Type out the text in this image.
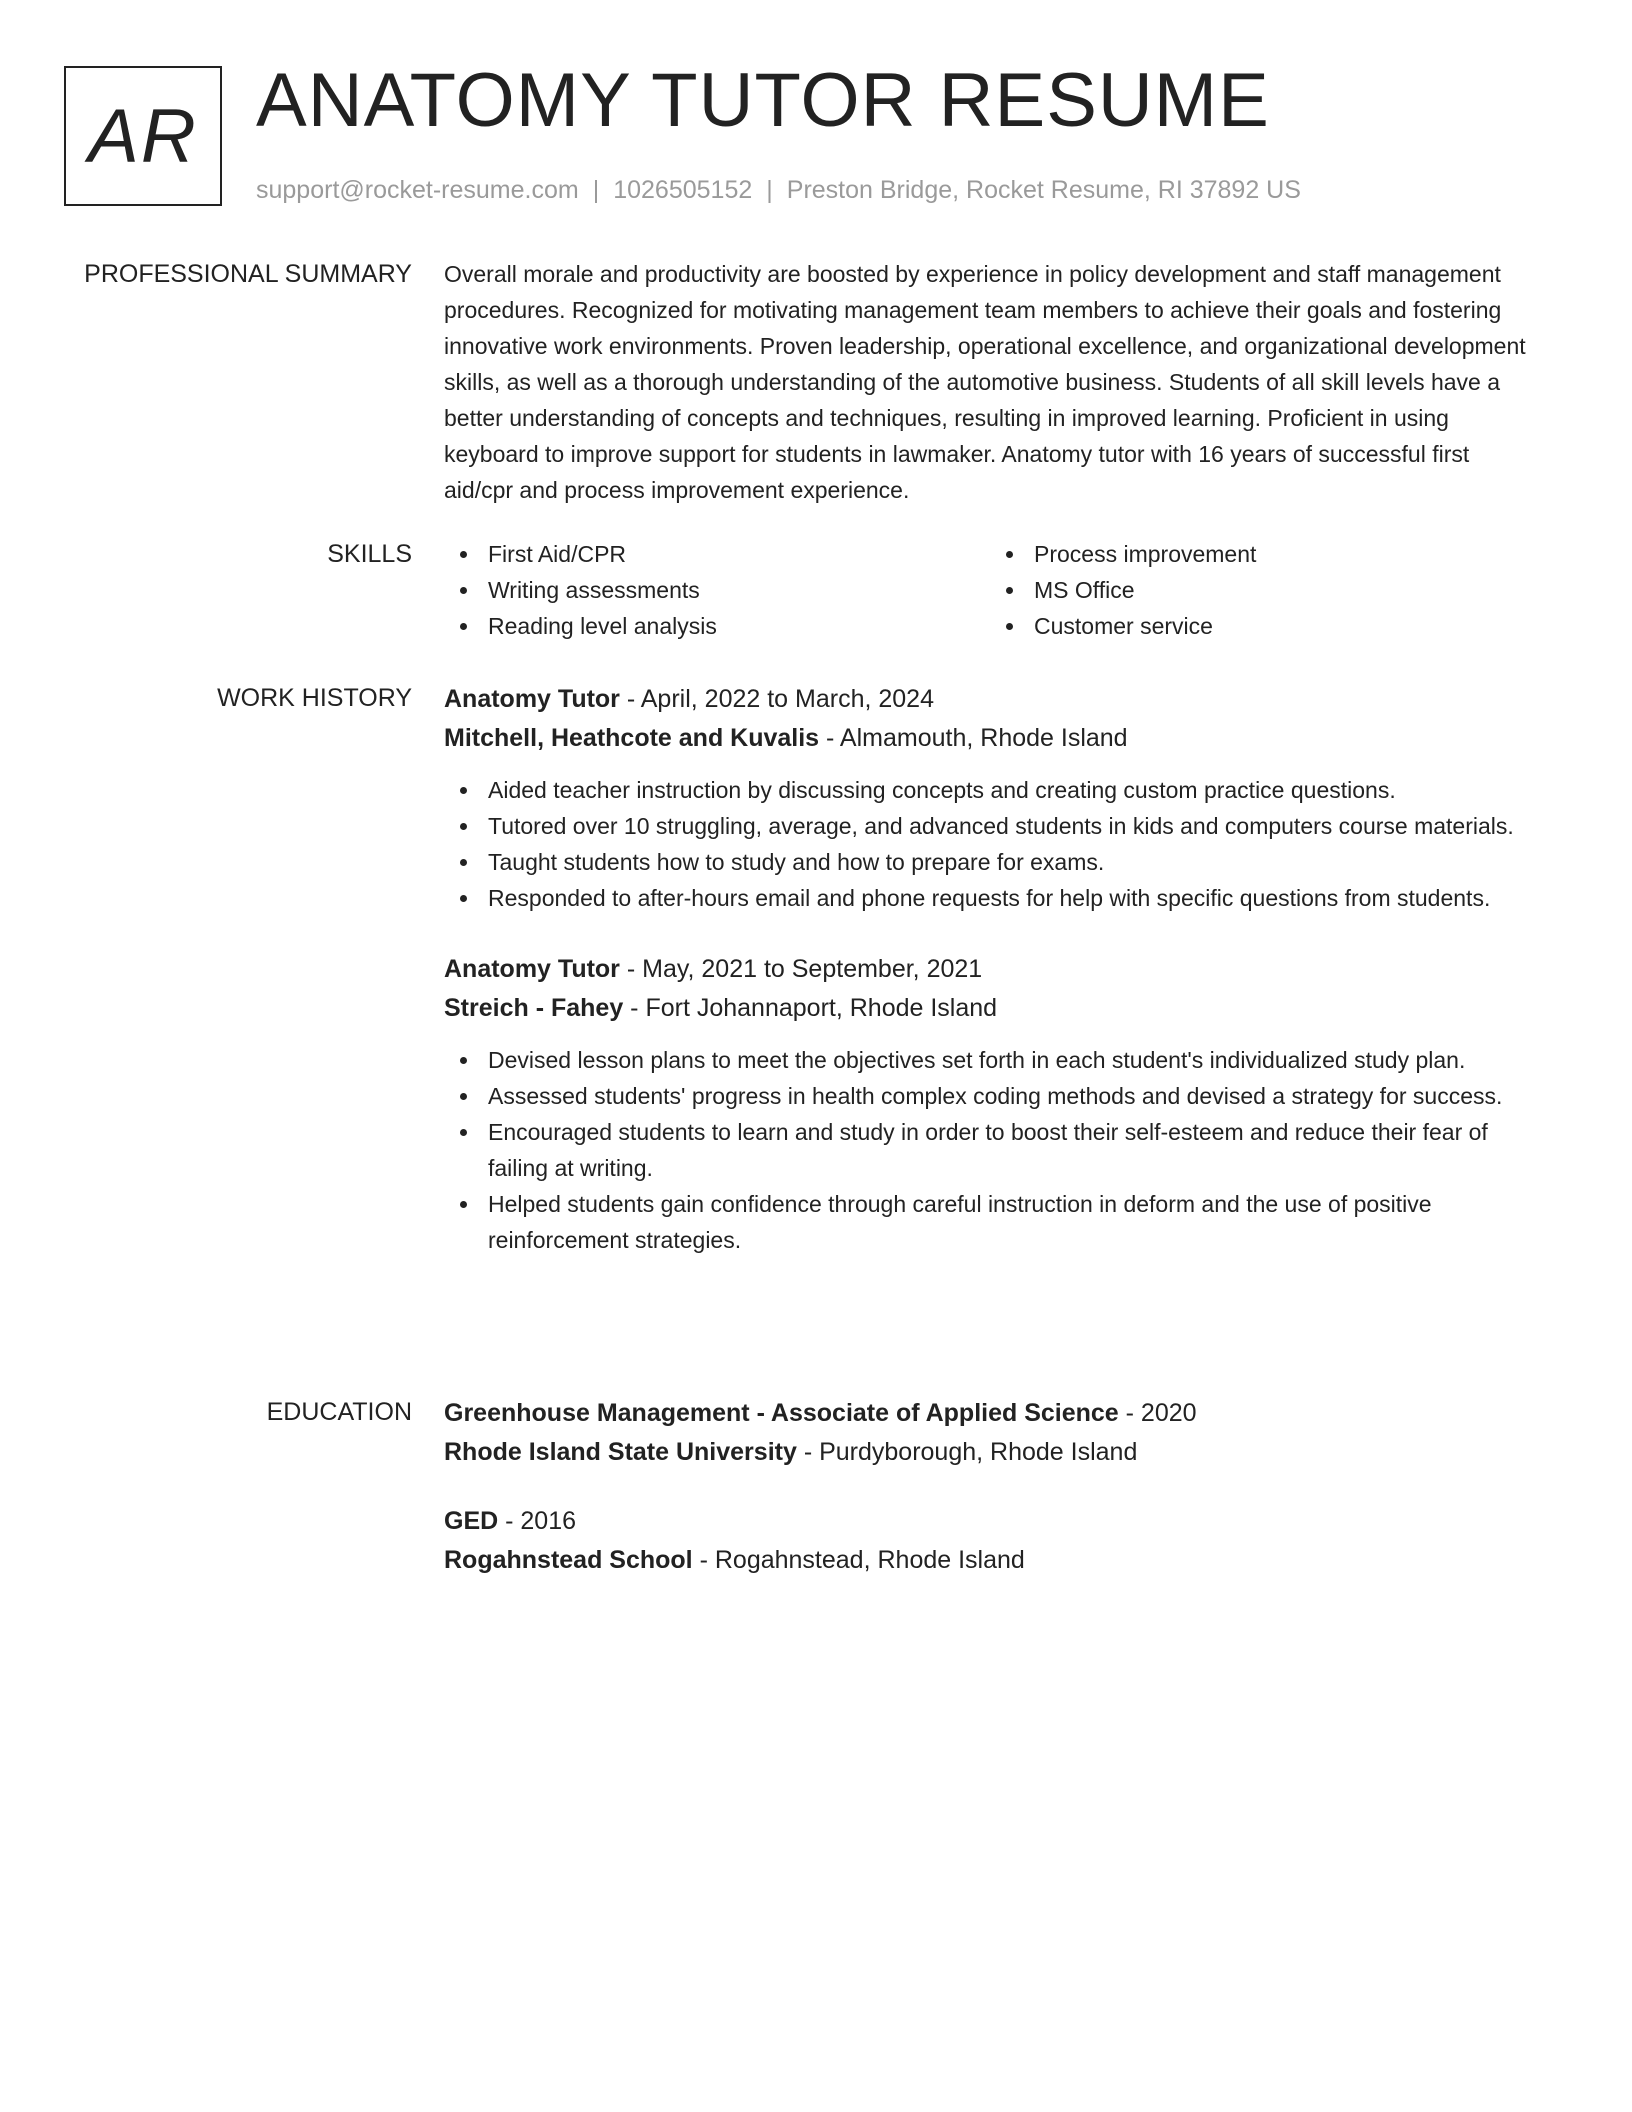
AR ANATOMY TUTOR RESUME
support@rocket-resume.com | 1026505152 | Preston Bridge, Rocket Resume, RI 37892 US
PROFESSIONAL SUMMARY Overall morale and productivity are boosted by experience in policy development and staff management procedures. Recognized for motivating management team members to achieve their goals and fostering innovative work environments. Proven leadership, operational excellence, and organizational development skills, as well as a thorough understanding of the automotive business. Students of all skill levels have a better understanding of concepts and techniques, resulting in improved learning. Proficient in using keyboard to improve support for students in lawmaker. Anatomy tutor with 16 years of successful first aid/cpr and process improvement experience.

SKILLS	First Aid/CPR	Process improvement
Writing assessments	MS Office
Reading level analysis	Customer service
WORK HISTORY Anatomy Tutor - April, 2022 to March, 2024
Mitchell, Heathcote and Kuvalis - Almamouth, Rhode Island
Aided teacher instruction by discussing concepts and creating custom practice questions.
Tutored over 10 struggling, average, and advanced students in kids and computers course materials.
Taught students how to study and how to prepare for exams.
Responded to after-hours email and phone requests for help with specific questions from students.
Anatomy Tutor - May, 2021 to September, 2021
Streich - Fahey - Fort Johannaport, Rhode Island
Devised lesson plans to meet the objectives set forth in each student's individualized study plan.
Assessed students' progress in health complex coding methods and devised a strategy for success.
Encouraged students to learn and study in order to boost their self-esteem and reduce their fear of failing at writing.
Helped students gain confidence through careful instruction in deform and the use of positive reinforcement strategies.
EDUCATION Greenhouse Management - Associate of Applied Science - 2020
Rhode Island State University - Purdyborough, Rhode Island
GED - 2016
Rogahnstead School - Rogahnstead, Rhode Island
